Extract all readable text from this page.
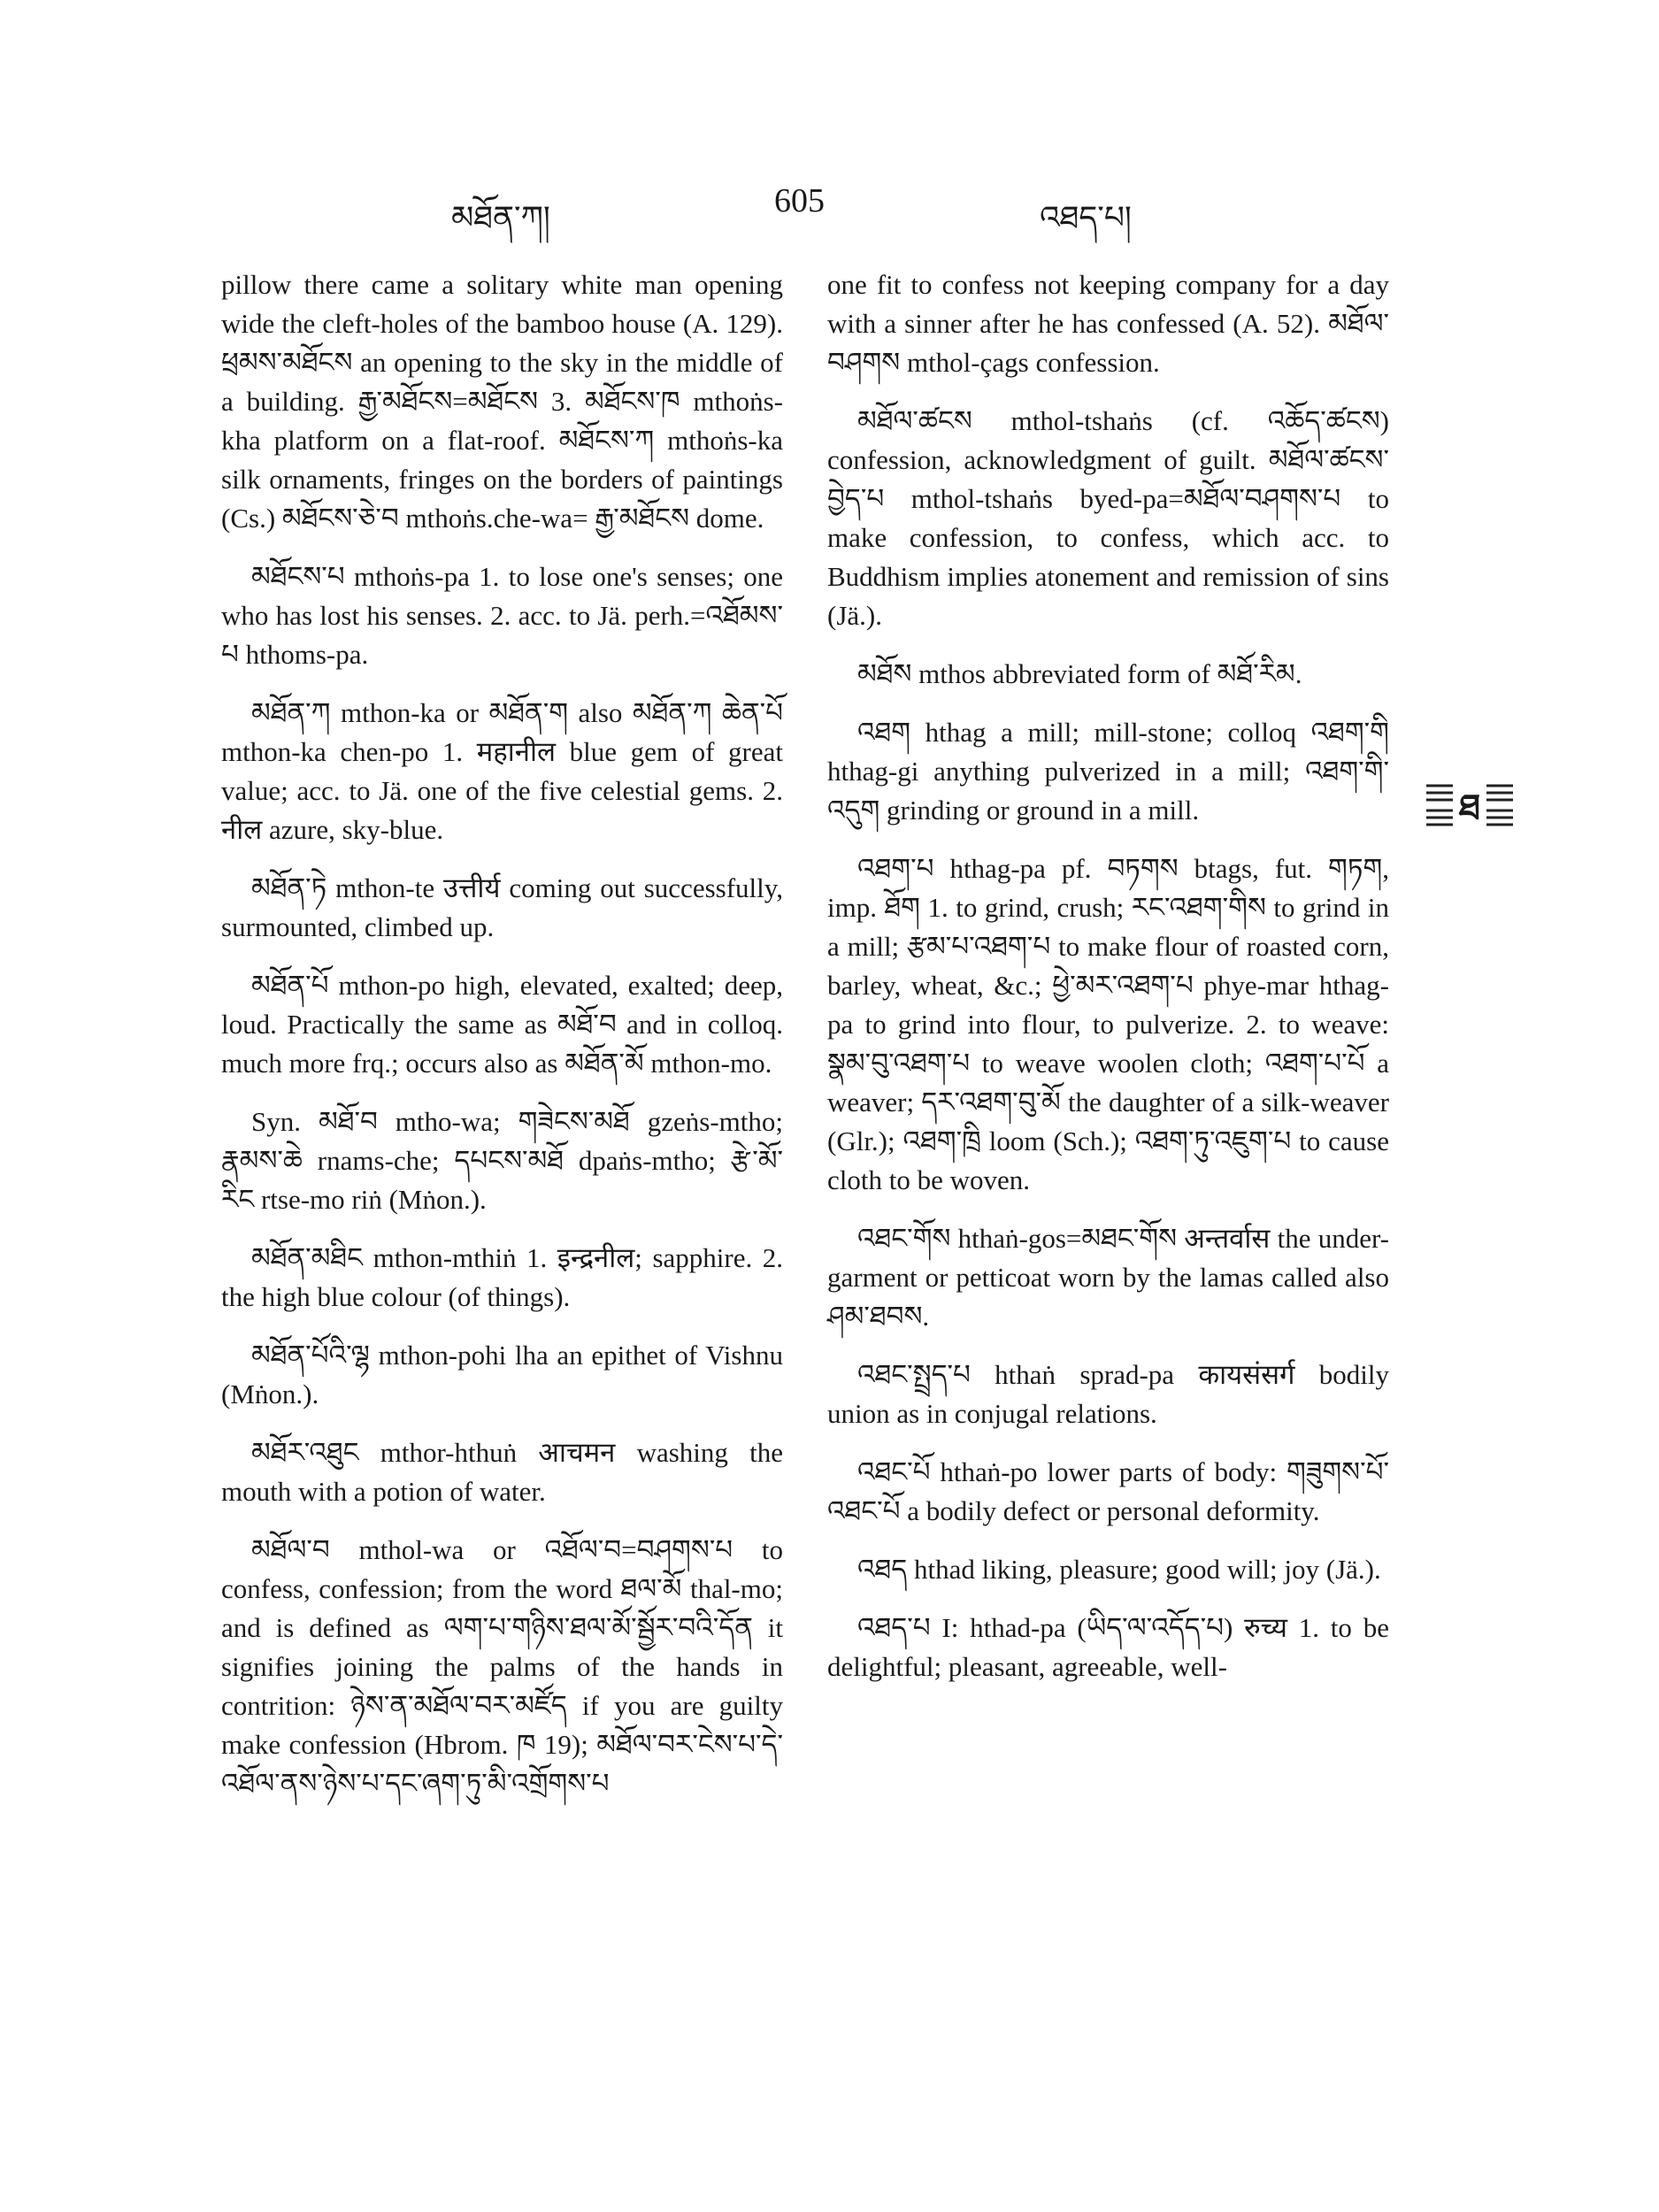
མཐོན་ཀ།	605	འཐད་པ།

pillow there came a solitary white man opening wide the cleft-holes of the bamboo house (A. 129). ཕྲམས་མཐོངས an opening to the sky in the middle of a building. རྒྱ་མཐོངས=མཐོངས 3. མཐོངས་ཁ mthoṅs-kha platform on a flat-roof. མཐོངས་ཀ mthoṅs-ka silk ornaments, fringes on the borders of paintings (Cs.) མཐོངས་ཅེ་བ mthoṅs.che-wa= རྒྱ་མཐོངས dome.

མཐོངས་པ mthoṅs-pa 1. to lose one's senses; one who has lost his senses. 2. acc. to Jä. perh.=འཐོམས་པ hthoms-pa.

མཐོན་ཀ mthon-ka or མཐོན་ག also མཐོན་ཀ ཆེན་པོ mthon-ka chen-po 1. महानील blue gem of great value; acc. to Jä. one of the five celestial gems. 2. नील azure, sky-blue.

མཐོན་ཏེ mthon-te उत्तीर्य coming out successfully, surmounted, climbed up.

མཐོན་པོ mthon-po high, elevated, exalted; deep, loud. Practically the same as མཐོ་བ and in colloq. much more frq.; occurs also as མཐོན་མོ mthon-mo.

Syn. མཐོ་བ mtho-wa; གཟེངས་མཐོ gzeṅs-mtho; རྣམས་ཆེ rnams-che; དཔངས་མཐོ dpaṅs-mtho; རྩེ་མོ་རིང rtse-mo riṅ (Mṅon.).

མཐོན་མཐིང mthon-mthiṅ 1. इन्द्रनील; sapphire. 2. the high blue colour (of things).

མཐོན་པོའི་ལྷ mthon-pohi lha an epithet of Vishnu (Mṅon.).

མཐོར་འཐུང mthor-hthuṅ आचमन washing the mouth with a potion of water.

མཐོལ་བ mthol-wa or འཐོལ་བ=བཤགས་པ to confess, confession; from the word ཐལ་མོ thal-mo; and is defined as ལག་པ་གཉིས་ཐལ་མོ་སྦྱོར་བའི་དོན it signifies joining the palms of the hands in contrition: ཉེས་ན་མཐོལ་བར་མཛོད if you are guilty make confession (Hbrom. ཁ 19); མཐོལ་བར་ངེས་པ་དེ་འཐོལ་ནས་ཉེས་པ་དང་ཞག་ཏུ་མི་འགྲོགས་པ

one fit to confess not keeping company for a day with a sinner after he has confessed (A. 52). མཐོལ་བཤགས mthol-çags confession.

མཐོལ་ཚངས mthol-tshaṅs (cf. འཆོད་ཚངས) confession, acknowledgment of guilt. མཐོལ་ཚངས་བྱེད་པ mthol-tshaṅs byed-pa=མཐོལ་བཤགས་པ to make confession, to confess, which acc. to Buddhism implies atonement and remission of sins (Jä.).

མཐོས mthos abbreviated form of མཐོ་རིམ.

འཐག hthag a mill; mill-stone; colloq འཐག་གི hthag-gi anything pulverized in a mill; འཐག་གི་འདུག grinding or ground in a mill.

འཐག་པ hthag-pa pf. བཏགས btags, fut. གཏག, imp. ཐོག 1. to grind, crush; རང་འཐག་གིས to grind in a mill; རྩམ་པ་འཐག་པ to make flour of roasted corn, barley, wheat, &c.; ཕྱེ་མར་འཐག་པ phye-mar hthag-pa to grind into flour, to pulverize. 2. to weave: སྣམ་བུ་འཐག་པ to weave woolen cloth; འཐག་པ་པོ a weaver; དར་འཐག་བུ་མོ the daughter of a silk-weaver (Glr.); འཐག་ཁྲི loom (Sch.); འཐག་ཏུ་འཇུག་པ to cause cloth to be woven.

འཐང་གོས hthaṅ-gos=མཐང་གོས अन्तर्वास the under-garment or petticoat worn by the lamas called also ཤམ་ཐབས.

འཐང་སྤྲད་པ hthaṅ sprad-pa कायसंसर्ग bodily union as in conjugal relations.

འཐང་པོ hthaṅ-po lower parts of body: གཟུགས་པོ་འཐང་པོ a bodily defect or personal deformity.

འཐད hthad liking, pleasure; good will; joy (Jä.).

འཐད་པ I: hthad-pa (ཡིད་ལ་འདོད་པ) रुच्य 1. to be delightful; pleasant, agreeable, well-

ཐ
